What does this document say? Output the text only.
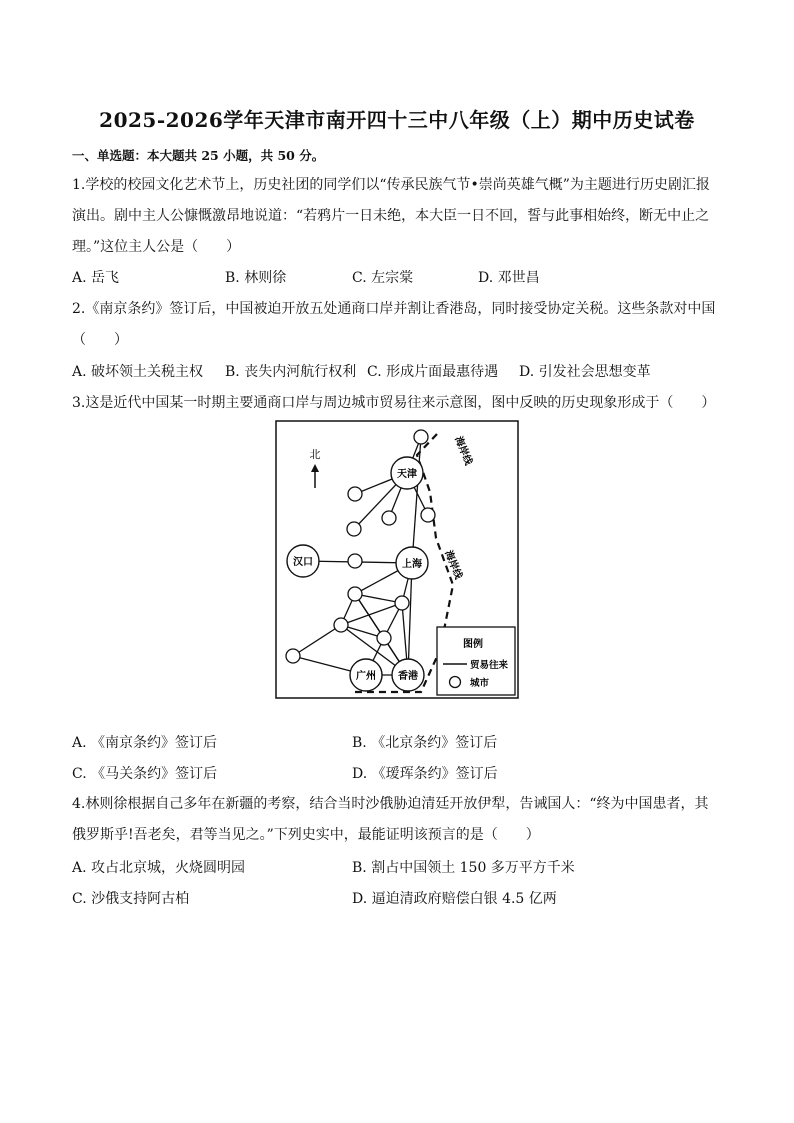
2025-2026学年天津市南开四十三中八年级（上）期中历史试卷
一、单选题：本大题共 25 小题，共 50 分。
1.学校的校园文化艺术节上，历史社团的同学们以“传承民族气节•崇尚英雄气概”为主题进行历史剧汇报演出。剧中主人公慷慨激昂地说道：“若鸦片一日未绝，本大臣一日不回，誓与此事相始终，断无中止之理。”这位主人公是（　　）
A. 岳飞	B. 林则徐	C. 左宗棠	D. 邓世昌
2.《南京条约》签订后，中国被迫开放五处通商口岸并割让香港岛，同时接受协定关税。这些条款对中国（　　）
A. 破坏领土关税主权 B. 丧失内河航行权利 C. 形成片面最惠待遇 D. 引发社会思想变革
3.这是近代中国某一时期主要通商口岸与周边城市贸易往来示意图，图中反映的历史现象形成于（　　）
北	海岸线
海岸线
天津
汉口	上海
广州 香港
图例
贸易往来
城市
A. 《南京条约》签订后	B. 《北京条约》签订后
C. 《马关条约》签订后	D. 《瑷珲条约》签订后
4.林则徐根据自己多年在新疆的考察，结合当时沙俄胁迫清廷开放伊犁，告诫国人：“终为中国患者，其俄罗斯乎!吾老矣，君等当见之。”下列史实中，最能证明该预言的是（　　）
A. 攻占北京城，火烧圆明园	B. 割占中国领土 150 多万平方千米
C. 沙俄支持阿古柏	D. 逼迫清政府赔偿白银 4.5 亿两
